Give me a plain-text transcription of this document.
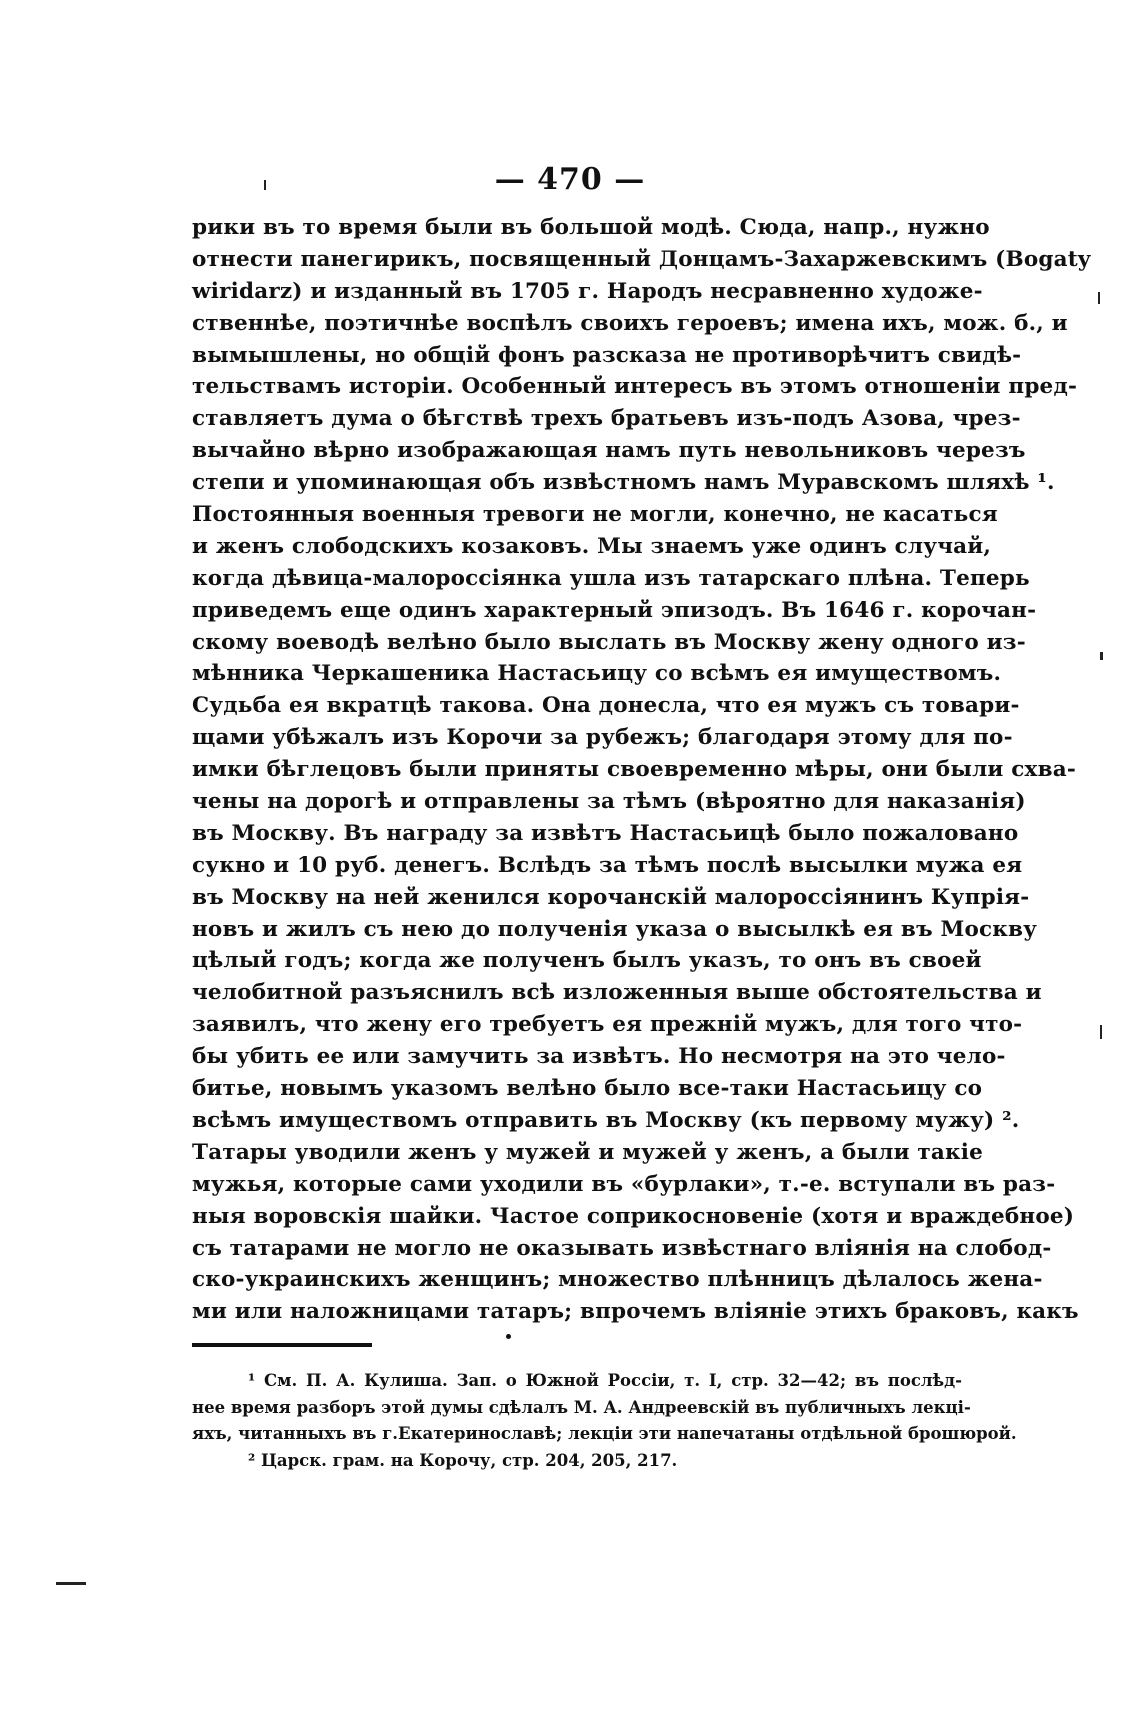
— 470 —
рики въ то время были въ большой модѣ. Сюда, напр., нужно
отнести панегирикъ, посвященный Донцамъ-Захаржевскимъ (Bogaty
wiridarz) и изданный въ 1705 г. Народъ несравненно художе-
ственнѣе, поэтичнѣе воспѣлъ своихъ героевъ; имена ихъ, мож. б., и
вымышлены, но общій фонъ разсказа не противорѣчитъ свидѣ-
тельствамъ исторіи. Особенный интересъ въ этомъ отношеніи пред-
ставляетъ дума о бѣгствѣ трехъ братьевъ изъ-подъ Азова, чрез-
вычайно вѣрно изображающая намъ путь невольниковъ черезъ
степи и упоминающая объ извѣстномъ намъ Муравскомъ шляхѣ ¹.
Постоянныя военныя тревоги не могли, конечно, не касаться
и женъ слободскихъ козаковъ. Мы знаемъ уже одинъ случай,
когда дѣвица-малороссіянка ушла изъ татарскаго плѣна. Теперь
приведемъ еще одинъ характерный эпизодъ. Въ 1646 г. корочан-
скому воеводѣ велѣно было выслать въ Москву жену одного из-
мѣнника Черкашеника Настасьицу со всѣмъ ея имуществомъ.
Судьба ея вкратцѣ такова. Она донесла, что ея мужъ съ товари-
щами убѣжалъ изъ Корочи за рубежъ; благодаря этому для по-
имки бѣглецовъ были приняты своевременно мѣры, они были схва-
чены на дорогѣ и отправлены за тѣмъ (вѣроятно для наказанія)
въ Москву. Въ награду за извѣтъ Настасьицѣ было пожаловано
сукно и 10 руб. денегъ. Вслѣдъ за тѣмъ послѣ высылки мужа ея
въ Москву на ней женился корочанскій малороссіянинъ Купрія-
новъ и жилъ съ нею до полученія указа о высылкѣ ея въ Москву
цѣлый годъ; когда же полученъ былъ указъ, то онъ въ своей
челобитной разъяснилъ всѣ изложенныя выше обстоятельства и
заявилъ, что жену его требуетъ ея прежній мужъ, для того что-
бы убить ее или замучить за извѣтъ. Но несмотря на это чело-
битье, новымъ указомъ велѣно было все-таки Настасьицу со
всѣмъ имуществомъ отправить въ Москву (къ первому мужу) ².
Татары уводили женъ у мужей и мужей у женъ, а были такіе
мужья, которые сами уходили въ «бурлаки», т.-е. вступали въ раз-
ныя воровскія шайки. Частое соприкосновеніе (хотя и враждебное)
съ татарами не могло не оказывать извѣстнаго вліянія на слобод-
ско-украинскихъ женщинъ; множество плѣнницъ дѣлалось жена-
ми или наложницами татаръ; впрочемъ вліяніе этихъ браковъ, какъ
¹ См. П. А. Кулиша. Зап. о Южной Россіи, т. I, стр. 32—42; въ послѣд-
нее время разборъ этой думы сдѣлалъ М. А. Андреевскій въ публичныхъ лекці-
яхъ, читанныхъ въ г.Екатеринославѣ; лекціи эти напечатаны отдѣльной брошюрой.
² Царск. грам. на Корочу, стр. 204, 205, 217.
